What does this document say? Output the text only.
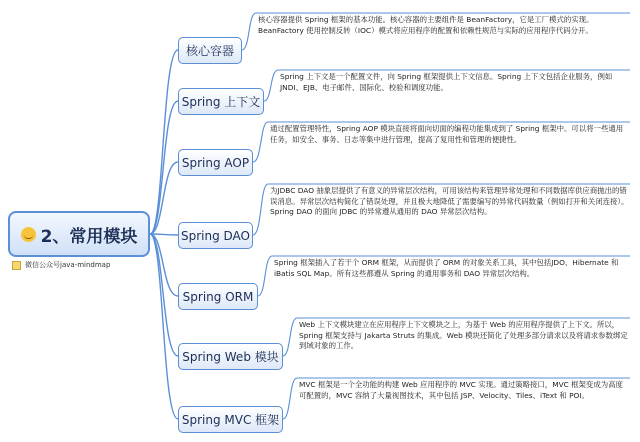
2、常用模块
微信公众号java-mindmap
核心容器
核心容器提供 Spring 框架的基本功能。核心容器的主要组件是 BeanFactory，它是工厂模式的实现。BeanFactory 使用控制反转（IOC）模式将应用程序的配置和依赖性规范与实际的应用程序代码分开。
Spring 上下文
Spring 上下文是一个配置文件，向 Spring 框架提供上下文信息。Spring 上下文包括企业服务，例如 JNDI、EJB、电子邮件、国际化、校验和调度功能。
Spring AOP
通过配置管理特性，Spring AOP 模块直接将面向切面的编程功能集成到了 Spring 框架中。可以将一些通用任务，如安全、事务、日志等集中进行管理，提高了复用性和管理的便捷性。
Spring DAO
为JDBC DAO 抽象层提供了有意义的异常层次结构，可用该结构来管理异常处理和不同数据库供应商抛出的错误消息。异常层次结构简化了错误处理，并且极大地降低了需要编写的异常代码数量（例如打开和关闭连接）。Spring DAO 的面向 JDBC 的异常遵从通用的 DAO 异常层次结构。
Spring ORM
Spring 框架插入了若干个 ORM 框架，从而提供了 ORM 的对象关系工具，其中包括JDO、Hibernate 和 iBatis SQL Map。所有这些都遵从 Spring 的通用事务和 DAO 异常层次结构。
Spring Web 模块
Web 上下文模块建立在应用程序上下文模块之上，为基于 Web 的应用程序提供了上下文。所以，Spring 框架支持与 Jakarta Struts 的集成。Web 模块还简化了处理多部分请求以及将请求参数绑定到域对象的工作。
Spring MVC 框架
MVC 框架是一个全功能的构建 Web 应用程序的 MVC 实现。通过策略接口，MVC 框架变成为高度可配置的，MVC 容纳了大量视图技术，其中包括 JSP、Velocity、Tiles、iText 和 POI。
